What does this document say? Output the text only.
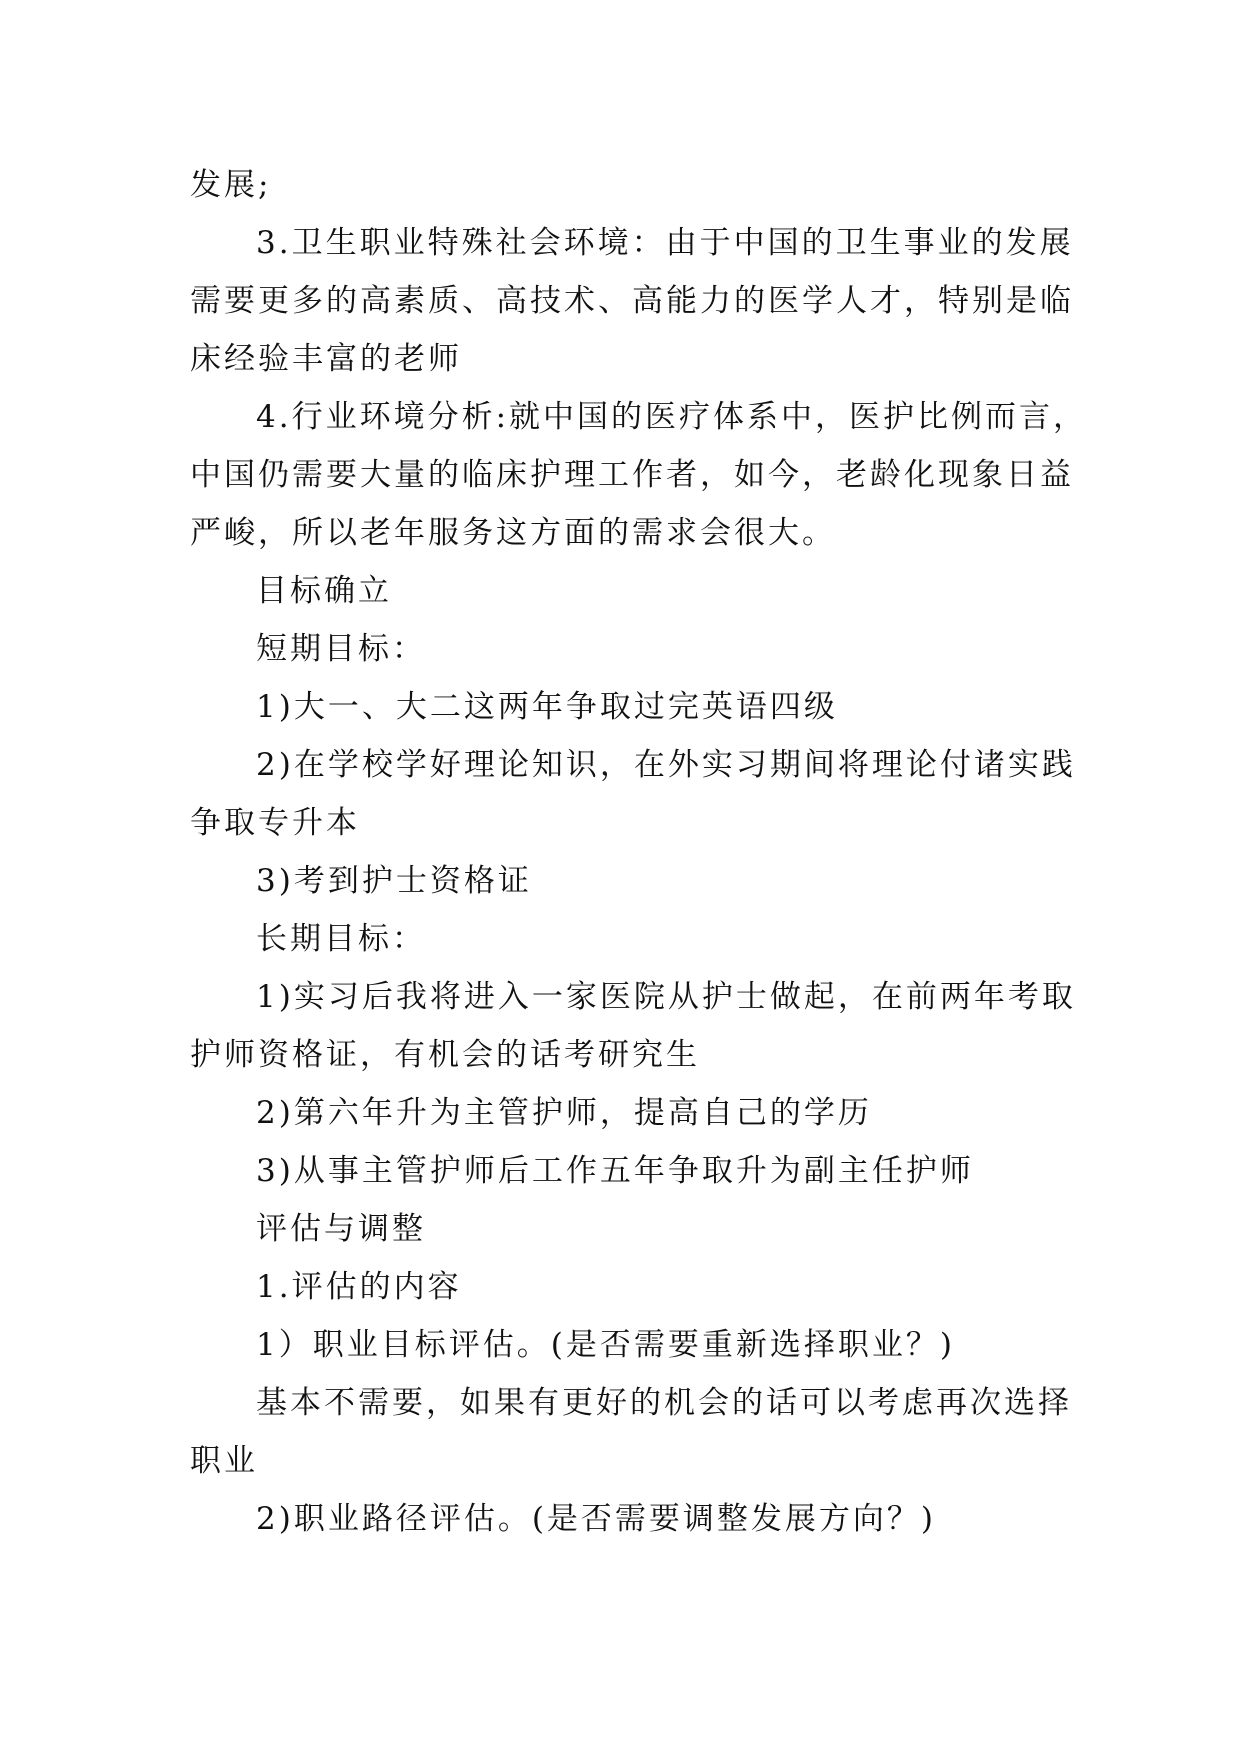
发展;
3.卫生职业特殊社会环境：由于中国的卫生事业的发展
需要更多的高素质、高技术、高能力的医学人才，特别是临
床经验丰富的老师
4.行业环境分析:就中国的医疗体系中，医护比例而言，
中国仍需要大量的临床护理工作者，如今，老龄化现象日益
严峻，所以老年服务这方面的需求会很大。
目标确立
短期目标：
1)大一、大二这两年争取过完英语四级
2)在学校学好理论知识，在外实习期间将理论付诸实践
争取专升本
3)考到护士资格证
长期目标：
1)实习后我将进入一家医院从护士做起，在前两年考取
护师资格证，有机会的话考研究生
2)第六年升为主管护师，提高自己的学历
3)从事主管护师后工作五年争取升为副主任护师
评估与调整
1.评估的内容
1）职业目标评估。(是否需要重新选择职业？)
基本不需要，如果有更好的机会的话可以考虑再次选择
职业
2)职业路径评估。(是否需要调整发展方向？)
